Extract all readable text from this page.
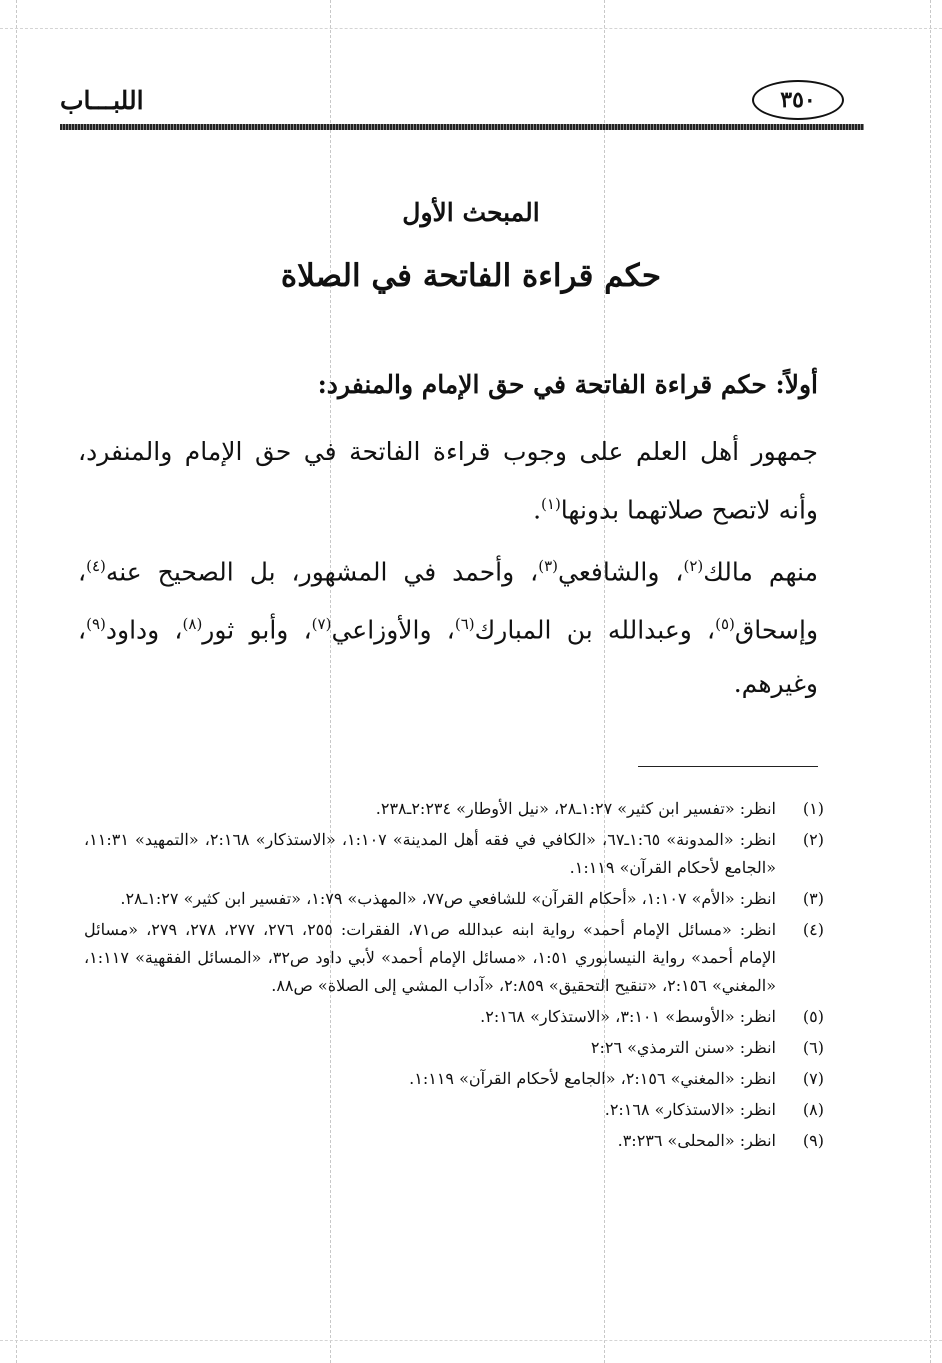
اللبـــاب	٣٥٠
المبحث الأول
حكم قراءة الفاتحة في الصلاة
أولاً: حكم قراءة الفاتحة في حق الإمام والمنفرد:
جمهور أهل العلم على وجوب قراءة الفاتحة في حق الإمام والمنفرد، وأنه لاتصح صلاتهما بدونها$^{(١)}$.
منهم مالك$^{(٢)}$، والشافعي$^{(٣)}$، وأحمد في المشهور، بل الصحيح عنه$^{(٤)}$، وإسحاق$^{(٥)}$، وعبدالله بن المبارك$^{(٦)}$، والأوزاعي$^{(٧)}$، وأبو ثور$^{(٨)}$، وداود$^{(٩)}$، وغيرهم.
(١)
انظر: «تفسير ابن كثير» ١:٢٧ـ٢٨، «نيل الأوطار» ٢:٢٣٤ـ٢٣٨.
(٢)
انظر: «المدونة» ١:٦٥ـ٦٧، «الكافي في فقه أهل المدينة» ١:١٠٧، «الاستذكار» ٢:١٦٨، «التمهيد» ١١:٣١، «الجامع لأحكام القرآن» ١:١١٩.
(٣)
انظر: «الأم» ١:١٠٧، «أحكام القرآن» للشافعي ص٧٧، «المهذب» ١:٧٩، «تفسير ابن كثير» ١:٢٧ـ٢٨.
(٤)
انظر: «مسائل الإمام أحمد» رواية ابنه عبدالله ص٧١، الفقرات: ٢٥٥، ٢٧٦، ٢٧٧، ٢٧٨، ٢٧٩، «مسائل الإمام أحمد» رواية النيسابوري ١:٥١، «مسائل الإمام أحمد» لأبي داود ص٣٢، «المسائل الفقهية» ١:١١٧، «المغني» ٢:١٥٦، «تنقيح التحقيق» ٢:٨٥٩، «آداب المشي إلى الصلاة» ص٨٨.
(٥)
انظر: «الأوسط» ٣:١٠١، «الاستذكار» ٢:١٦٨.
(٦)
انظر: «سنن الترمذي» ٢:٢٦
(٧)
انظر: «المغني» ٢:١٥٦، «الجامع لأحكام القرآن» ١:١١٩.
(٨)
انظر: «الاستذكار» ٢:١٦٨.
(٩)
انظر: «المحلى» ٣:٢٣٦.
